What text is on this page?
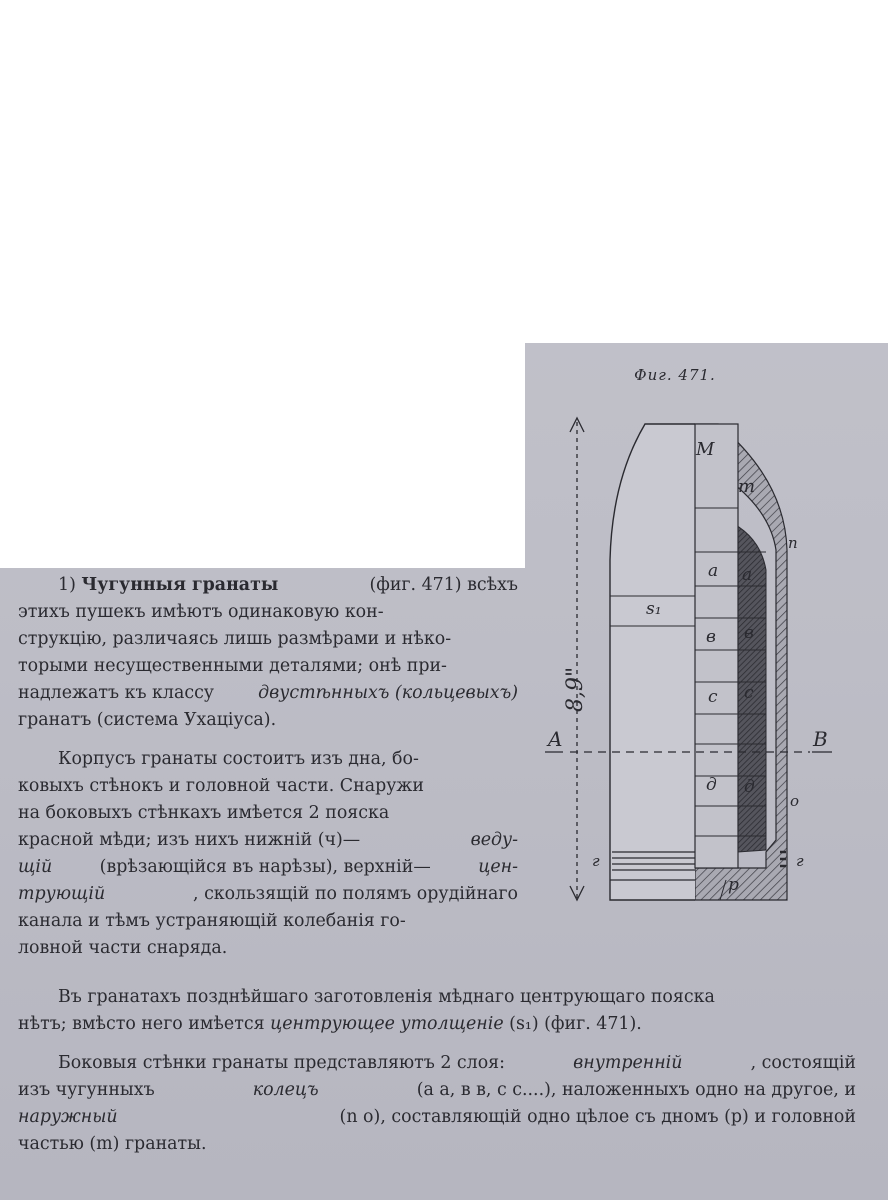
Фиг. 471.
8,9"
A	B
M
m
n
s₁
a a
в в
c c
д д
o
г	г
p
1) Чугунныя гранаты	(фиг. 471) всѣхъ
этихъ пушекъ имѣютъ одинаковую кон-
струкцію, различаясь лишь размѣрами и нѣко-
торыми несущественными деталями; онѣ при-
надлежатъ къ классу	двустѣнныхъ (кольцевыхъ)
гранатъ (система Ухаціуса).
Корпусъ гранаты состоитъ изъ дна, бо-
ковыхъ стѣнокъ и головной части. Снаружи
на боковыхъ стѣнкахъ имѣется 2 пояска
красной мѣди; изъ нихъ нижній (ч)—	веду-
щій	(врѣзающійся въ нарѣзы), верхній—	цен-
трующій	, скользящій по полямъ орудійнаго
канала и тѣмъ устраняющій колебанія го-
ловной части снаряда.
Въ гранатахъ позднѣйшаго заготовленія мѣднаго центрующаго пояска
нѣтъ; вмѣсто него имѣется центрующее утолщеніе (s₁) (фиг. 471).
Боковыя стѣнки гранаты представляютъ 2 слоя:	внутренній	, состоящій
изъ чугунныхъ	колецъ	(а а, в в, с с....), наложенныхъ одно на другое, и
наружный	(n o), составляющій одно цѣлое съ дномъ (p) и головной
частью (m) гранаты.
